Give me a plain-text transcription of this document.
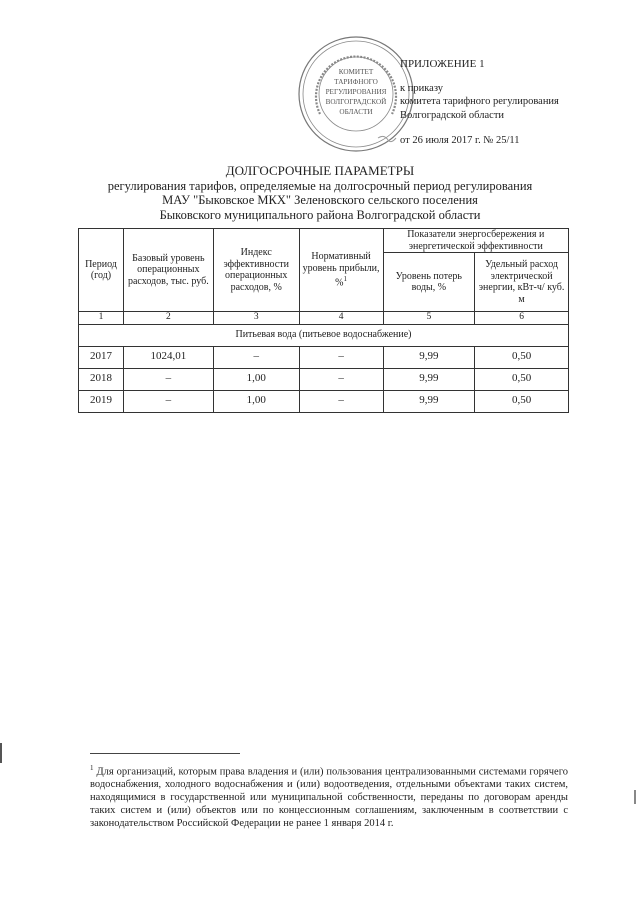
КОМИТЕТ
ТАРИФНОГО
РЕГУЛИРОВАНИЯ
ВОЛГОГРАДСКОЙ
ОБЛАСТИ
ПРИЛОЖЕНИЕ 1
к приказу
комитета тарифного регулирования
Волгоградской области
от 26 июля 2017 г. № 25/11
ДОЛГОСРОЧНЫЕ ПАРАМЕТРЫ
регулирования тарифов, определяемые на долгосрочный период регулирования
МАУ "Быковское МКХ" Зеленовского сельского поселения
Быковского муниципального района Волгоградской области
Период (год)	Базовый уровень операционных расходов, тыс. руб.	Индекс эффективности операционных расходов, %	Нормативный уровень прибыли, %$^1$	Показатели энергосбережения и энергетической эффективности	
				Уровень потерь воды, %	Удельный расход электрической энергии, кВт-ч/ куб. м
1	2	3	4	5	6
Питьевая вода (питьевое водоснабжение)					
2017	1024,01	–	–	9,99	0,50
2018	–	1,00	–	9,99	0,50
2019	–	1,00	–	9,99	0,50
$^1$ Для организаций, которым права владения и (или) пользования централизованными системами горячего водоснабжения, холодного водоснабжения и (или) водоотведения, отдельными объектами таких систем, находящимися в государственной или муниципальной собственности, переданы по договорам аренды таких систем и (или) объектов или по концессионным соглашениям, заключенным в соответствии с законодательством Российской Федерации не ранее 1 января 2014 г.
